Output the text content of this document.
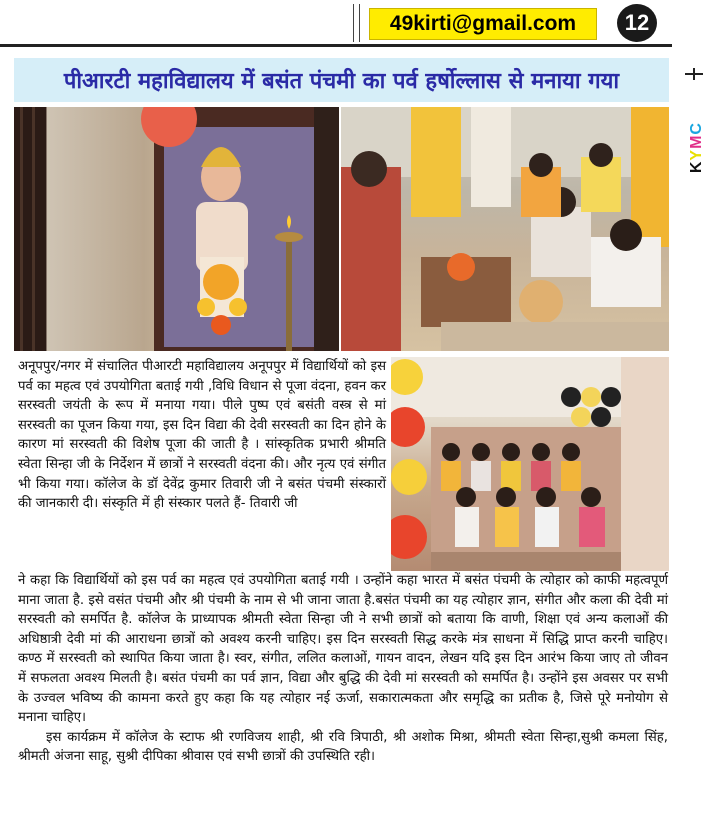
49kirti@gmail.com 12
KYMC
पीआरटी महाविद्यालय में बसंत पंचमी का पर्व हर्षोल्लास से मनाया गया

अनूपपुर/नगर में संचालित पीआरटी महाविद्यालय अनूपपुर में विद्यार्थियों को इस पर्व का महत्व एवं उपयोगिता बताई गयी ,विधि विधान से पूजा वंदना, हवन कर सरस्वती जयंती के रूप में मनाया गया। पीले पुष्प एवं बसंती वस्त्र से मां सरस्वती का पूजन किया गया, इस दिन विद्या की देवी सरस्वती का दिन होने के कारण मां सरस्वती की विशेष पूजा की जाती है । सांस्कृतिक प्रभारी श्रीमति स्वेता सिन्हा जी के निर्देशन में छात्रों ने सरस्वती वंदना की। और नृत्य एवं संगीत भी किया गया। कॉलेज के डॉ देवेंद्र कुमार तिवारी जी ने बसंत पंचमी संस्कारों की जानकारी दी। संस्कृति में ही संस्कार पलते हैं- तिवारी जी

ने कहा कि विद्यार्थियों को इस पर्व का महत्व एवं उपयोगिता बताई गयी । उन्होंने कहा भारत में बसंत पंचमी के त्योहार को काफी महत्वपूर्ण माना जाता है. इसे वसंत पंचमी और श्री पंचमी के नाम से भी जाना जाता है.बसंत पंचमी का यह त्योहार ज्ञान, संगीत और कला की देवी मां सरस्वती को समर्पित है. कॉलेज के प्राध्यापक श्रीमती स्वेता सिन्हा जी ने सभी छात्रों को बताया कि वाणी, शिक्षा एवं अन्य कलाओं की अधिष्ठात्री देवी मां की आराधना छात्रों को अवश्य करनी चाहिए। इस दिन सरस्वती सिद्ध करके मंत्र साधना में सिद्धि प्राप्त करनी चाहिए। कण्ठ में सरस्वती को स्थापित किया जाता है। स्वर, संगीत, ललित कलाओं, गायन वादन, लेखन यदि इस दिन आरंभ किया जाए तो जीवन में सफलता अवश्य मिलती है। बसंत पंचमी का पर्व ज्ञान, विद्या और बुद्धि की देवी मां सरस्वती को समर्पित है। उन्होंने इस अवसर पर सभी के उज्वल भविष्य की कामना करते हुए कहा कि यह त्योहार नई ऊर्जा, सकारात्मकता और समृद्धि का प्रतीक है, जिसे पूरे मनोयोग से मनाना चाहिए।

इस कार्यक्रम में कॉलेज के स्टाफ श्री रणविजय शाही, श्री रवि त्रिपाठी, श्री अशोक मिश्रा, श्रीमती स्वेता सिन्हा,सुश्री कमला सिंह, श्रीमती अंजना साहू, सुश्री दीपिका श्रीवास एवं सभी छात्रों की उपस्थिति रही।
